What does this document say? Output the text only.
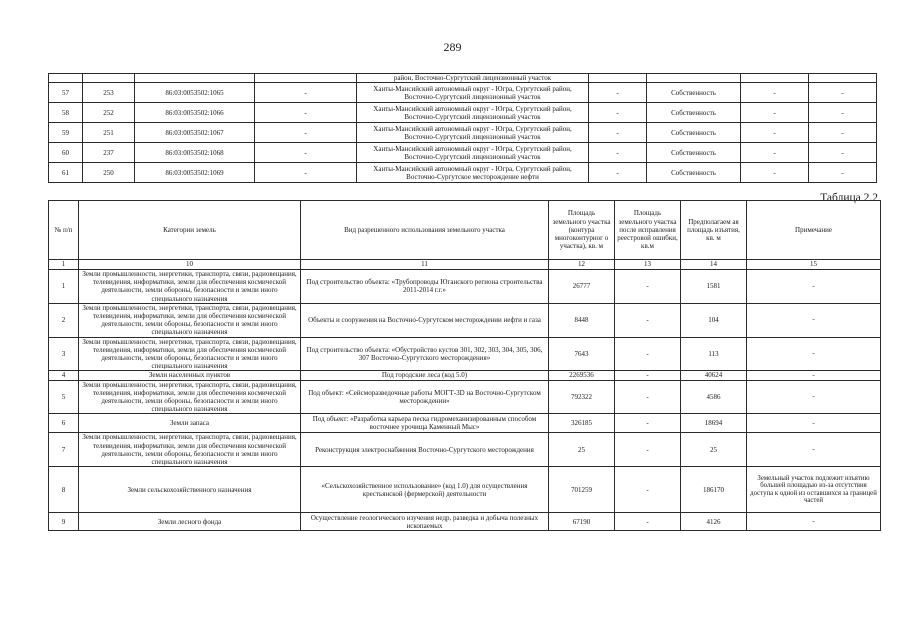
289
				район, Восточно-Сургутский лицензионный участок				
57	253	86:03:0053502:1065	-	Ханты-Мансийский автономный округ - Югра, Сургутский район, Восточно-Сургутский лицензионный участок	-	Собственность	-	-
58	252	86:03:0053502:1066	-	Ханты-Мансийский автономный округ - Югра, Сургутский район, Восточно-Сургутский лицензионный участок	-	Собственность	-	-
59	251	86:03:0053502:1067	-	Ханты-Мансийский автономный округ - Югра, Сургутский район, Восточно-Сургутский лицензионный участок	-	Собственность	-	-
60	237	86:03:0053502:1068	-	Ханты-Мансийский автономный округ - Югра, Сургутский район, Восточно-Сургутский лицензионный участок	-	Собственность	-	-
61	250	86:03:0053502:1069	-	Ханты-Мансийский автономный округ - Югра, Сургутский район, Восточно-Сургутское месторождение нефти	-	Собственность	-	-
Таблица 2.2
№ п/п	Категории земель	Вид разрешенного использования земельного участка	Площадь земельного участка (контура многоконтурног о участка), кв. м	Площадь земельного участка после исправления реестровой ошибки, кв.м	Предполагаем ая площадь изъятия, кв. м	Примечание
1	10	11	12	13	14	15
1	Земли промышленности, энергетики, транспорта, связи, радиовещания, телевидения, информатики, земли для обеспечения космической деятельности, земли обороны, безопасности и земли иного специального назначения	Под строительство объекта: «Трубопроводы Юганского региона строительства 2011-2014 г.г.»	26777	-	1581	-
2	Земли промышленности, энергетики, транспорта, связи, радиовещания, телевидения, информатики, земли для обеспечения космической деятельности, земли обороны, безопасности и земли иного специального назначения	Объекты и сооружения на Восточно-Сургутском месторождении нефти и газа	8448	-	104	-
3	Земли промышленности, энергетики, транспорта, связи, радиовещания, телевидения, информатики, земли для обеспечения космической деятельности, земли обороны, безопасности и земли иного специального назначения	Под строительство объекта: «Обустройство кустов 301, 302, 303, 304, 305, 306, 307 Восточно-Сургутского месторождения»	7643	-	113	-
4	Земли населенных пунктов	Под городские леса (код 5.0)	2269536	-	40624	-
5	Земли промышленности, энергетики, транспорта, связи, радиовещания, телевидения, информатики, земли для обеспечения космической деятельности, земли обороны, безопасности и земли иного специального назначения	Под объект: «Сейсморазведочные работы МОГТ-3D на Восточно-Сургутском месторождении»	792322	-	4586	-
6	Земли запаса	Под объект: «Разработка карьера песка гидромеханизированным способом восточнее урочища Каменный Мыс»	326185	-	18694	-
7	Земли промышленности, энергетики, транспорта, связи, радиовещания, телевидения, информатики, земли для обеспечения космической деятельности, земли обороны, безопасности и земли иного специального назначения	Реконструкция электроснабжения Восточно-Сургутского месторождения	25	-	25	-
8	Земли сельскохозяйственного назначения	«Сельскохозяйственное использование» (код 1.0) для осуществления крестьянской (фермерской) деятельности	701259	-	186170	Земельный участок подлежит изъятию большей площадью из-за отсутствия доступа к одной из оставшихся за границей частей
9	Земли лесного фонда	Осуществление геологического изучения недр, разведка и добыча полезных ископаемых	67190	-	4126	-
